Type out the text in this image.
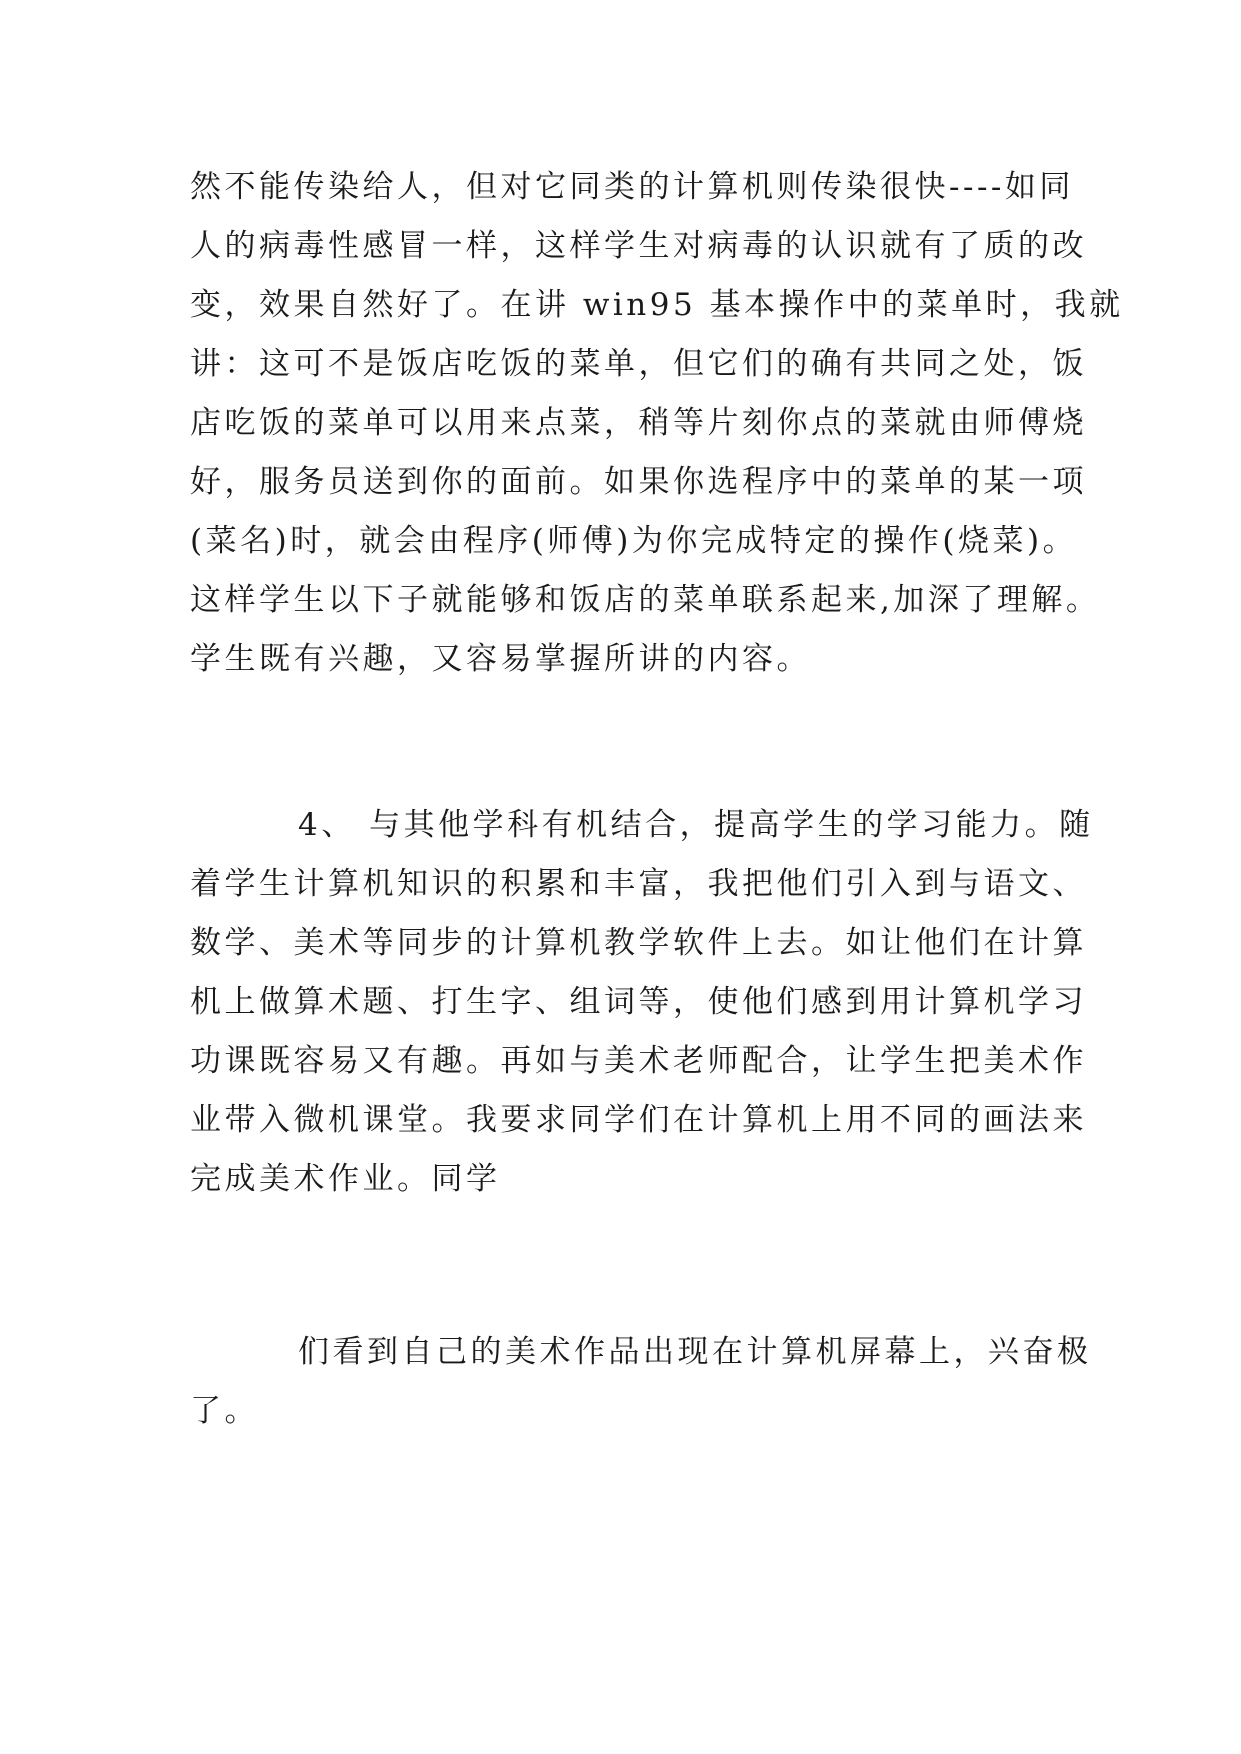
然不能传染给人，但对它同类的计算机则传染很快----如同
人的病毒性感冒一样，这样学生对病毒的认识就有了质的改
变，效果自然好了。在讲 win95 基本操作中的菜单时，我就
讲：这可不是饭店吃饭的菜单，但它们的确有共同之处，饭
店吃饭的菜单可以用来点菜，稍等片刻你点的菜就由师傅烧
好，服务员送到你的面前。如果你选程序中的菜单的某一项
(菜名)时，就会由程序(师傅)为你完成特定的操作(烧菜)。
这样学生以下子就能够和饭店的菜单联系起来,加深了理解。
学生既有兴趣，又容易掌握所讲的内容。
4、 与其他学科有机结合，提高学生的学习能力。随
着学生计算机知识的积累和丰富，我把他们引入到与语文、
数学、美术等同步的计算机教学软件上去。如让他们在计算
机上做算术题、打生字、组词等，使他们感到用计算机学习
功课既容易又有趣。再如与美术老师配合，让学生把美术作
业带入微机课堂。我要求同学们在计算机上用不同的画法来
完成美术作业。同学
们看到自己的美术作品出现在计算机屏幕上，兴奋极
了。
